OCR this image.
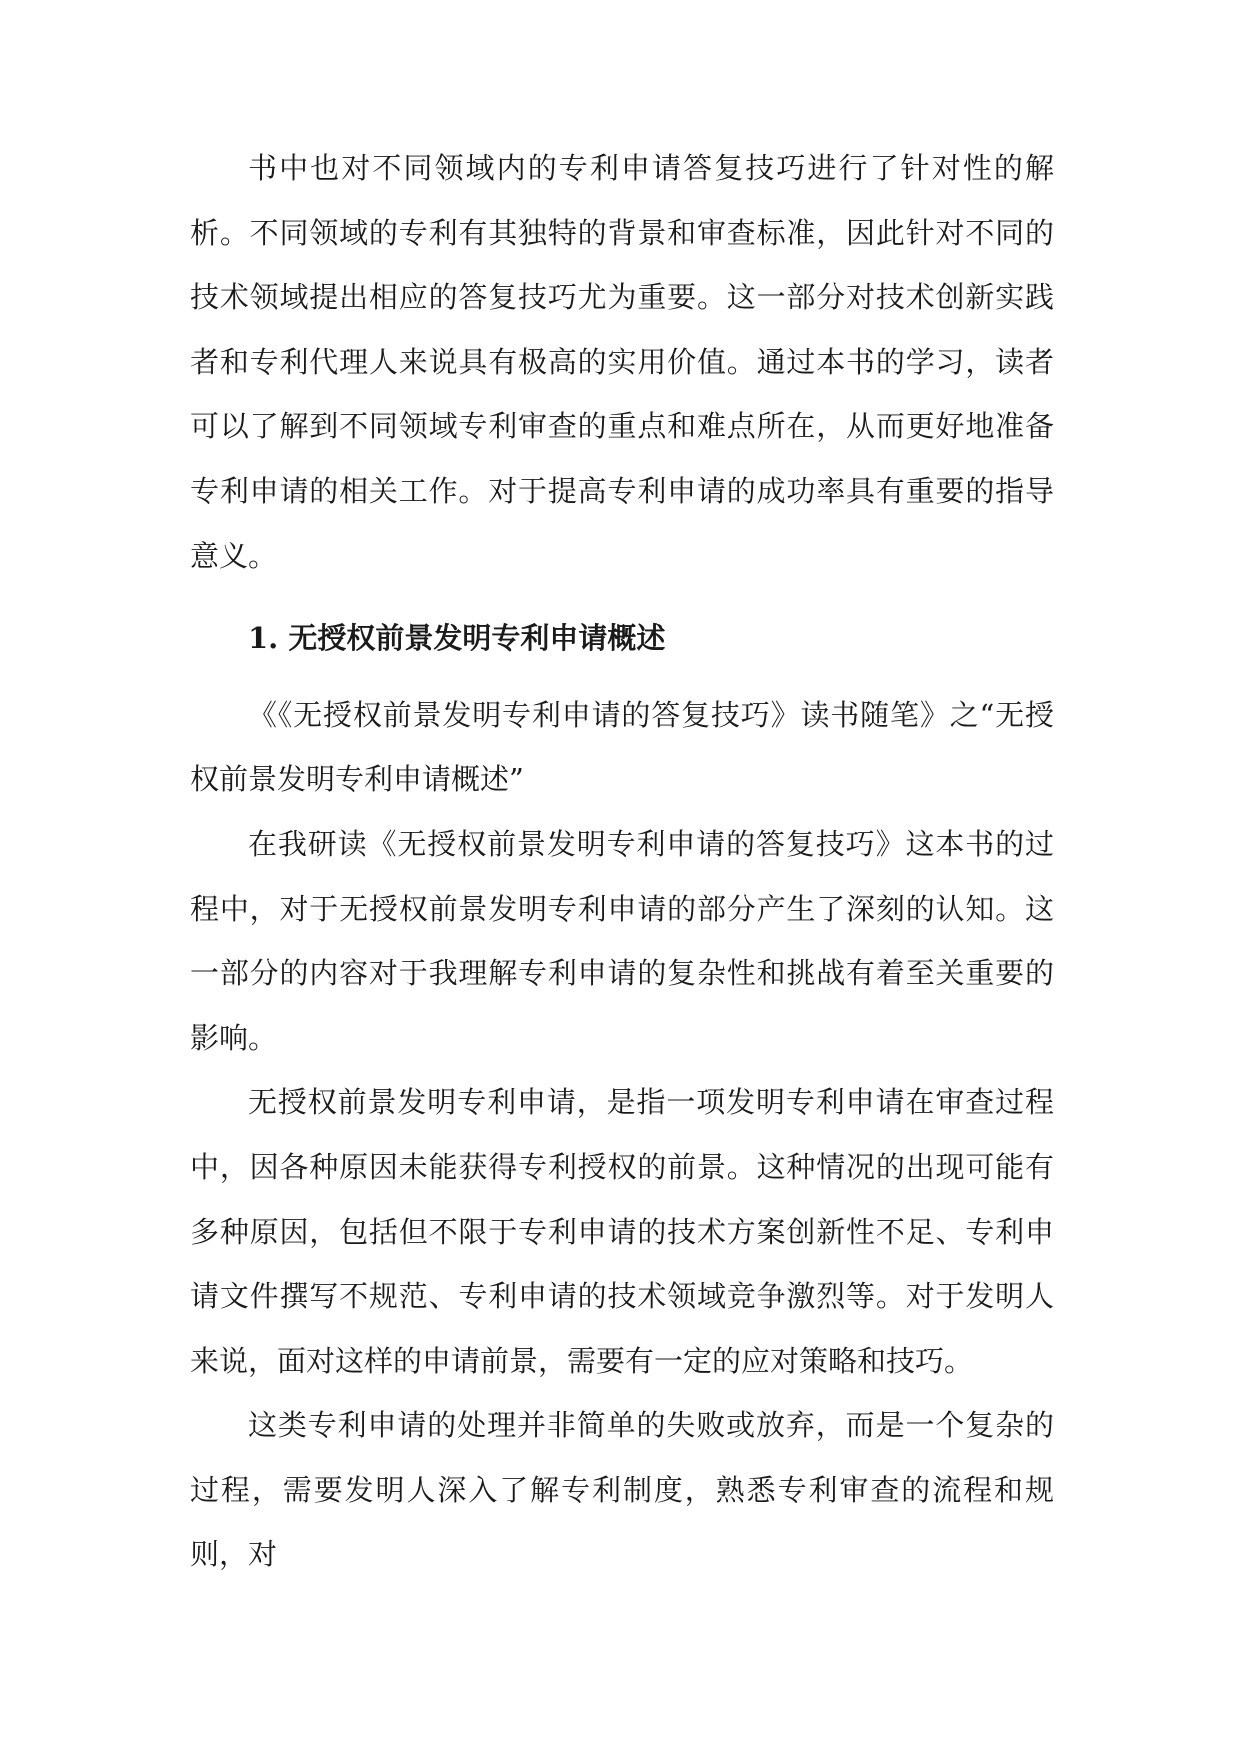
书中也对不同领域内的专利申请答复技巧进行了针对性的解析。不同领域的专利有其独特的背景和审查标准，因此针对不同的技术领域提出相应的答复技巧尤为重要。这一部分对技术创新实践者和专利代理人来说具有极高的实用价值。通过本书的学习，读者可以了解到不同领域专利审查的重点和难点所在，从而更好地准备专利申请的相关工作。对于提高专利申请的成功率具有重要的指导意义。

1. 无授权前景发明专利申请概述

《《无授权前景发明专利申请的答复技巧》读书随笔》之“无授权前景发明专利申请概述”

在我研读《无授权前景发明专利申请的答复技巧》这本书的过程中，对于无授权前景发明专利申请的部分产生了深刻的认知。这一部分的内容对于我理解专利申请的复杂性和挑战有着至关重要的影响。

无授权前景发明专利申请，是指一项发明专利申请在审查过程中，因各种原因未能获得专利授权的前景。这种情况的出现可能有多种原因，包括但不限于专利申请的技术方案创新性不足、专利申请文件撰写不规范、专利申请的技术领域竞争激烈等。对于发明人来说，面对这样的申请前景，需要有一定的应对策略和技巧。

这类专利申请的处理并非简单的失败或放弃，而是一个复杂的过程，需要发明人深入了解专利制度，熟悉专利审查的流程和规则，对
